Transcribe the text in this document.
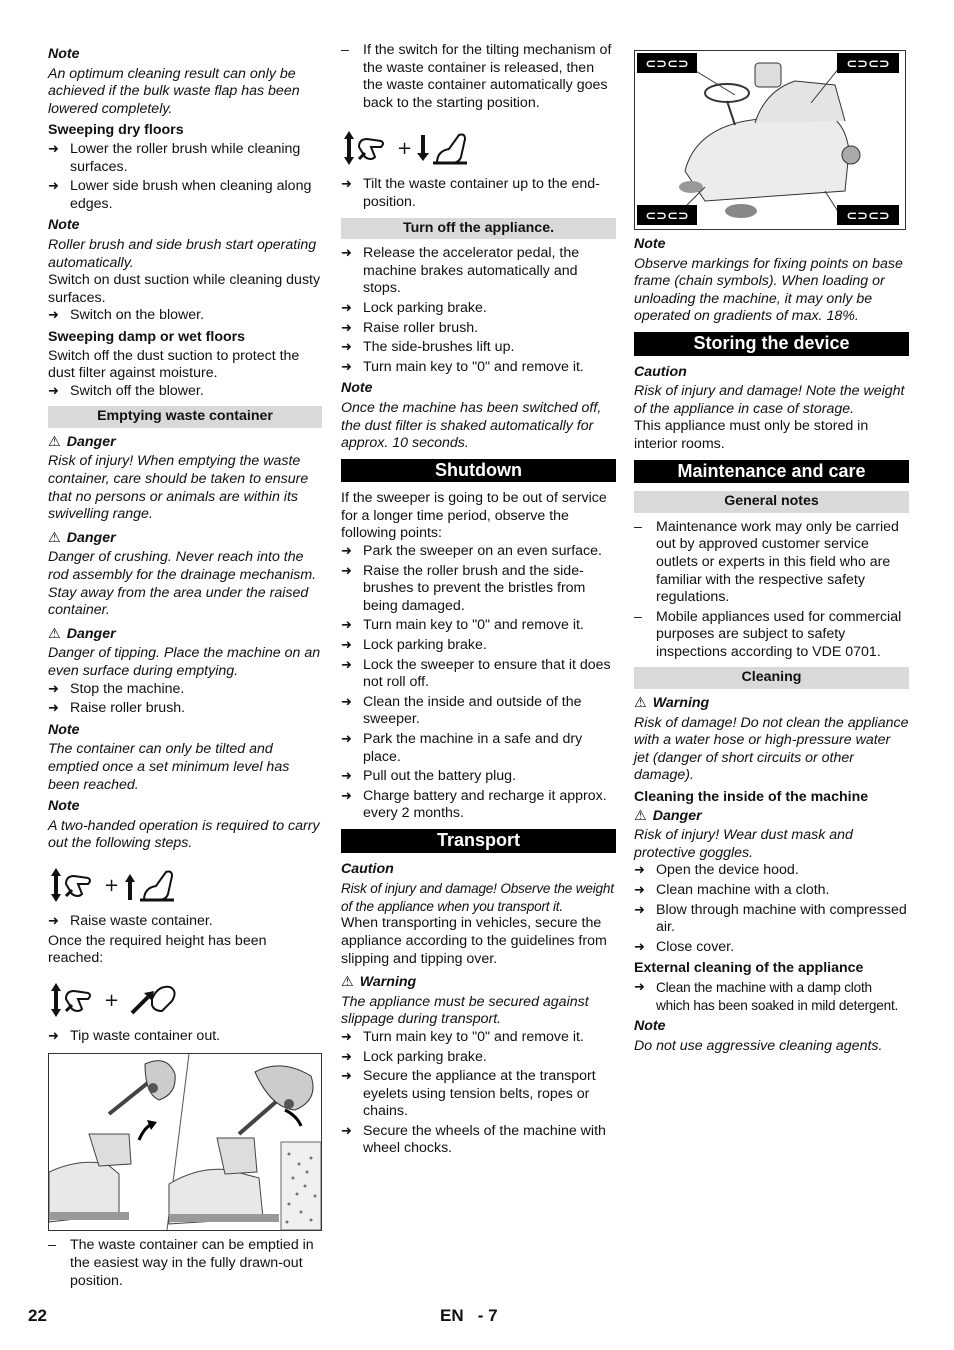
Note

An optimum cleaning result can only be achieved if the bulk waste flap has been lowered completely.

Sweeping dry floors

➜ Lower the roller brush while cleaning surfaces.

➜ Lower side brush when cleaning along edges.

Note

Roller brush and side brush start operating automatically.

Switch on dust suction while cleaning dusty surfaces.

➜ Switch on the blower.

Sweeping damp or wet floors

Switch off the dust suction to protect the dust filter against moisture.

➜ Switch off the blower.

Emptying waste container

⚠ Danger

Risk of injury! When emptying the waste container, care should be taken to ensure that no persons or animals are within its swivelling range.

⚠ Danger

Danger of crushing. Never reach into the rod assembly for the drainage mechanism. Stay away from the area under the raised container.

⚠ Danger

Danger of tipping. Place the machine on an even surface during emptying.

➜ Stop the machine.

➜ Raise roller brush.

Note

The container can only be tilted and emptied once a set minimum level has been reached.

Note

A two-handed operation is required to carry out the following steps.

+

➜ Raise waste container.

Once the required height has been reached:

+

➜ Tip waste container out.

– The waste container can be emptied in the easiest way in the fully drawn-out position.

– If the switch for the tilting mechanism of the waste container is released, then the waste container automatically goes back to the starting position.

+

➜ Tilt the waste container up to the end-position.

Turn off the appliance.

➜ Release the accelerator pedal, the machine brakes automatically and stops.

➜ Lock parking brake.

➜ Raise roller brush.

➜ The side-brushes lift up.

➜ Turn main key to "0" and remove it.

Note

Once the machine has been switched off, the dust filter is shaked automatically for approx. 10 seconds.

Shutdown

If the sweeper is going to be out of service for a longer time period, observe the following points:

➜ Park the sweeper on an even surface.

➜ Raise the roller brush and the side-brushes to prevent the bristles from being damaged.

➜ Turn main key to "0" and remove it.

➜ Lock parking brake.

➜ Lock the sweeper to ensure that it does not roll off.

➜ Clean the inside and outside of the sweeper.

➜ Park the machine in a safe and dry place.

➜ Pull out the battery plug.

➜ Charge battery and recharge it approx. every 2 months.

Transport

Caution

Risk of injury and damage! Observe the weight of the appliance when you transport it.

When transporting in vehicles, secure the appliance according to the guidelines from slipping and tipping over.

⚠ Warning

The appliance must be secured against slippage during transport.

➜ Turn main key to "0" and remove it.

➜ Lock parking brake.

➜ Secure the appliance at the transport eyelets using tension belts, ropes or chains.

➜ Secure the wheels of the machine with wheel chocks.

⊂⊃⊂⊃	⊂⊃⊂⊃
⊂⊃⊂⊃	⊂⊃⊂⊃

Note

Observe markings for fixing points on base frame (chain symbols). When loading or unloading the machine, it may only be operated on gradients of max. 18%.

Storing the device

Caution

Risk of injury and damage! Note the weight of the appliance in case of storage.

This appliance must only be stored in interior rooms.

Maintenance and care
General notes

– Maintenance work may only be carried out by approved customer service outlets or experts in this field who are familiar with the respective safety regulations.

– Mobile appliances used for commercial purposes are subject to safety inspections according to VDE 0701.

Cleaning

⚠ Warning

Risk of damage! Do not clean the appliance with a water hose or high-pressure water jet (danger of short circuits or other damage).

Cleaning the inside of the machine

⚠ Danger

Risk of injury! Wear dust mask and protective goggles.

➜ Open the device hood.

➜ Clean machine with a cloth.

➜ Blow through machine with compressed air.

➜ Close cover.

External cleaning of the appliance

➜ Clean the machine with a damp cloth which has been soaked in mild detergent.

Note

Do not use aggressive cleaning agents.

22	EN   - 7
